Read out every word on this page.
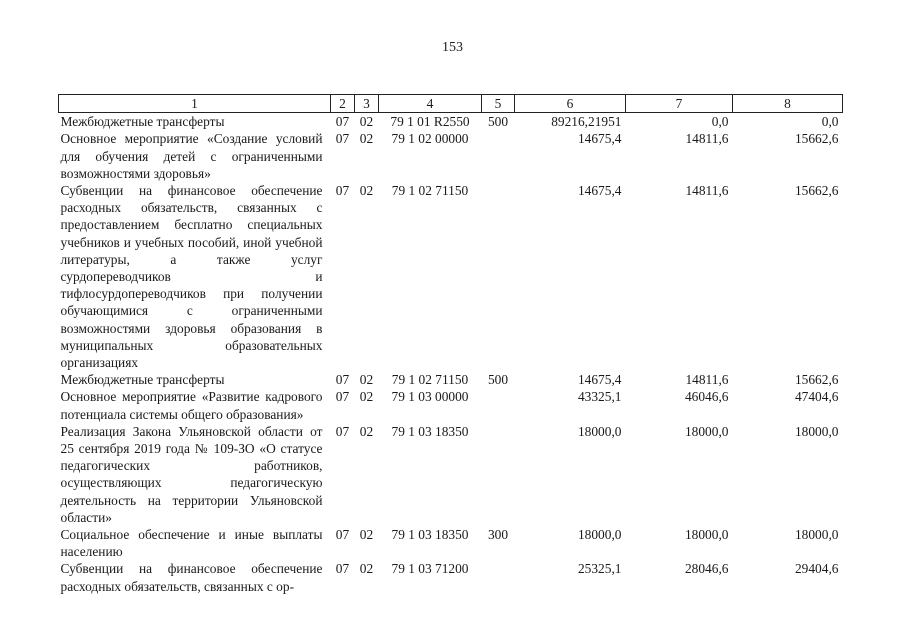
153
1	2	3	4	5	6	7	8
Межбюджетные трансферты	07	02	79 1 01 R2550	500	89216,21951	0,0	0,0
Основное мероприятие «Создание условий для обучения детей с ограниченными возможностями здоровья»	07	02	79 1 02 00000		14675,4	14811,6	15662,6
Субвенции на финансовое обеспечение расходных обязательств, связанных с предоставлением бесплатно специальных учебников и учебных пособий, иной учебной литературы, а также услуг сурдопереводчиков и тифлосурдопереводчиков при получении обучающимися с ограниченными возможностями здоровья образования в муниципальных образовательных организациях	07	02	79 1 02 71150		14675,4	14811,6	15662,6
Межбюджетные трансферты	07	02	79 1 02 71150	500	14675,4	14811,6	15662,6
Основное мероприятие «Развитие кадрового потенциала системы общего образования»	07	02	79 1 03 00000		43325,1	46046,6	47404,6
Реализация Закона Ульяновской области от 25 сентября 2019 года № 109-ЗО «О статусе педагогических работников, осуществляющих педагогическую деятельность на территории Ульяновской области»	07	02	79 1 03 18350		18000,0	18000,0	18000,0
Социальное обеспечение и иные выплаты населению	07	02	79 1 03 18350	300	18000,0	18000,0	18000,0
Субвенции на финансовое обеспечение расходных обязательств, связанных с ор-	07	02	79 1 03 71200		25325,1	28046,6	29404,6
